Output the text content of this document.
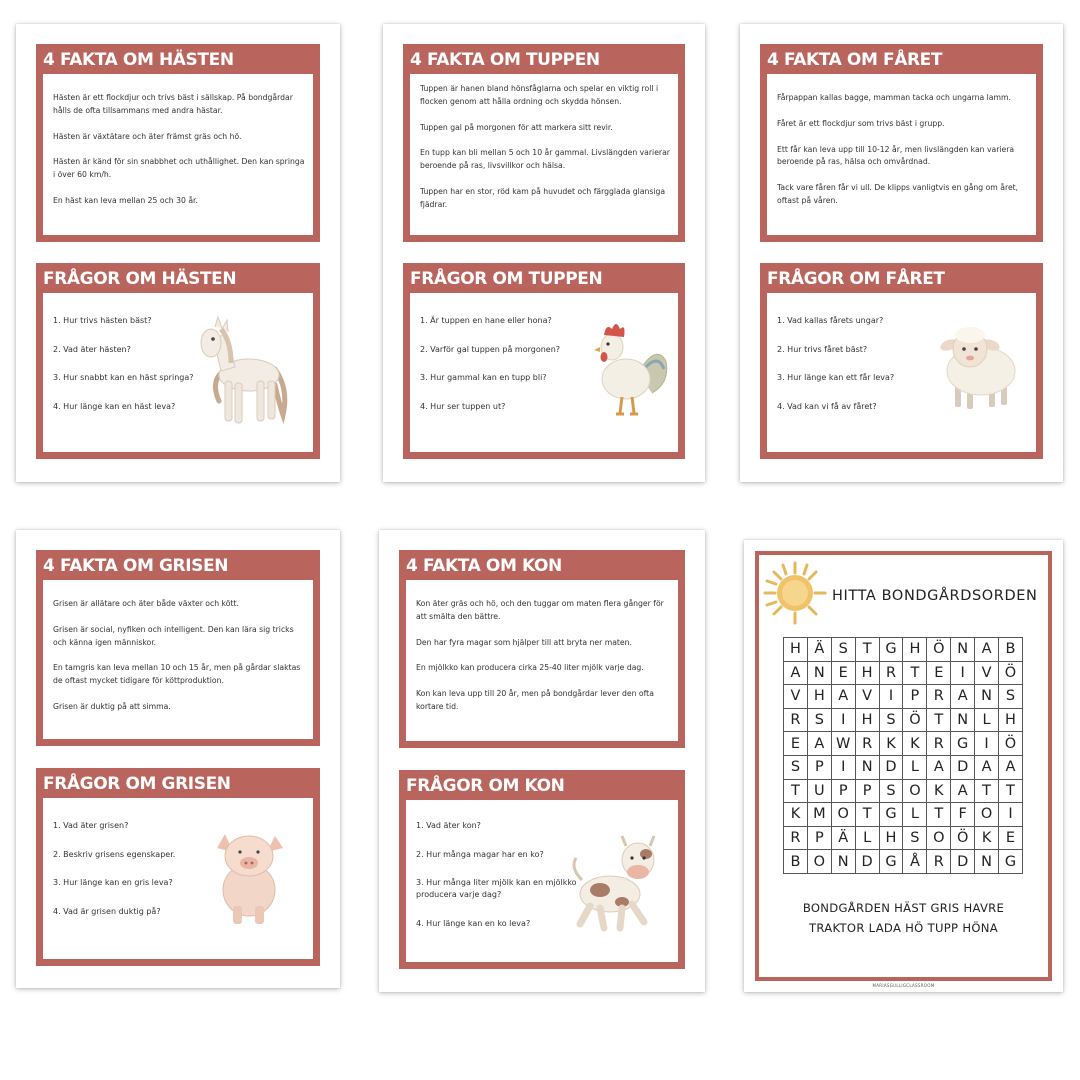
4 FAKTA OM HÄSTEN

Hästen är ett flockdjur och trivs bäst i sällskap. På bondgårdar hålls de ofta tillsammans med andra hästar.

Hästen är växtätare och äter främst gräs och hö.

Hästen är känd för sin snabbhet och uthållighet. Den kan springa i över 60 km/h.

En häst kan leva mellan 25 och 30 år.

FRÅGOR OM HÄSTEN

1. Hur trivs hästen bäst?

2. Vad äter hästen?

3. Hur snabbt kan en häst springa?

4. Hur länge kan en häst leva?

4 FAKTA OM TUPPEN

Tuppen är hanen bland hönsfåglarna och spelar en viktig roll i flocken genom att hålla ordning och skydda hönsen.

Tuppen gal på morgonen för att markera sitt revir.

En tupp kan bli mellan 5 och 10 år gammal. Livslängden varierar beroende på ras, livsvillkor och hälsa.

Tuppen har en stor, röd kam på huvudet och färgglada glansiga fjädrar.

FRÅGOR OM TUPPEN

1. Är tuppen en hane eller hona?

2. Varför gal tuppen på morgonen?

3. Hur gammal kan en tupp bli?

4. Hur ser tuppen ut?

4 FAKTA OM FÅRET

Fårpappan kallas bagge, mamman tacka och ungarna lamm.

Fåret är ett flockdjur som trivs bäst i grupp.

Ett får kan leva upp till 10-12 år, men livslängden kan variera beroende på ras, hälsa och omvårdnad.

Tack vare fåren får vi ull. De klipps vanligtvis en gång om året, oftast på våren.

FRÅGOR OM FÅRET

1. Vad kallas fårets ungar?

2. Hur trivs fåret bäst?

3. Hur länge kan ett får leva?

4. Vad kan vi få av fåret?

4 FAKTA OM GRISEN

Grisen är allätare och äter både växter och kött.

Grisen är social, nyfiken och intelligent. Den kan lära sig tricks och känna igen människor.

En tamgris kan leva mellan 10 och 15 år, men på gårdar slaktas de oftast mycket tidigare för köttproduktion.

Grisen är duktig på att simma.

FRÅGOR OM GRISEN

1. Vad äter grisen?

2. Beskriv grisens egenskaper.

3. Hur länge kan en gris leva?

4. Vad är grisen duktig på?

4 FAKTA OM KON

Kon äter gräs och hö, och den tuggar om maten flera gånger för att smälta den bättre.

Den har fyra magar som hjälper till att bryta ner maten.

En mjölkko kan producera cirka 25-40 liter mjölk varje dag.

Kon kan leva upp till 20 år, men på bondgårdar lever den ofta kortare tid.

FRÅGOR OM KON

1. Vad äter kon?

2. Hur många magar har en ko?

3. Hur många liter mjölk kan en mjölkko producera varje dag?

4. Hur länge kan en ko leva?

HITTA BONDGÅRDSORDEN
H	Ä	S	T	G	H	Ö	N	A	B
A	N	E	H	R	T	E	I	V	Ö
V	H	A	V	I	P	R	A	N	S
R	S	I	H	S	Ö	T	N	L	H
E	A	W	R	K	K	R	G	I	Ö
S	P	I	N	D	L	A	D	A	A
T	U	P	P	S	O	K	A	T	T
K	M	O	T	G	L	T	F	O	I
R	P	Ä	L	H	S	O	Ö	K	E
B	O	N	D	G	Å	R	D	N	G
BONDGÅRDEN HÄST GRIS HAVRE
TRAKTOR LADA HÖ TUPP HÖNA
MARIASGULLIGCLASSROOM
